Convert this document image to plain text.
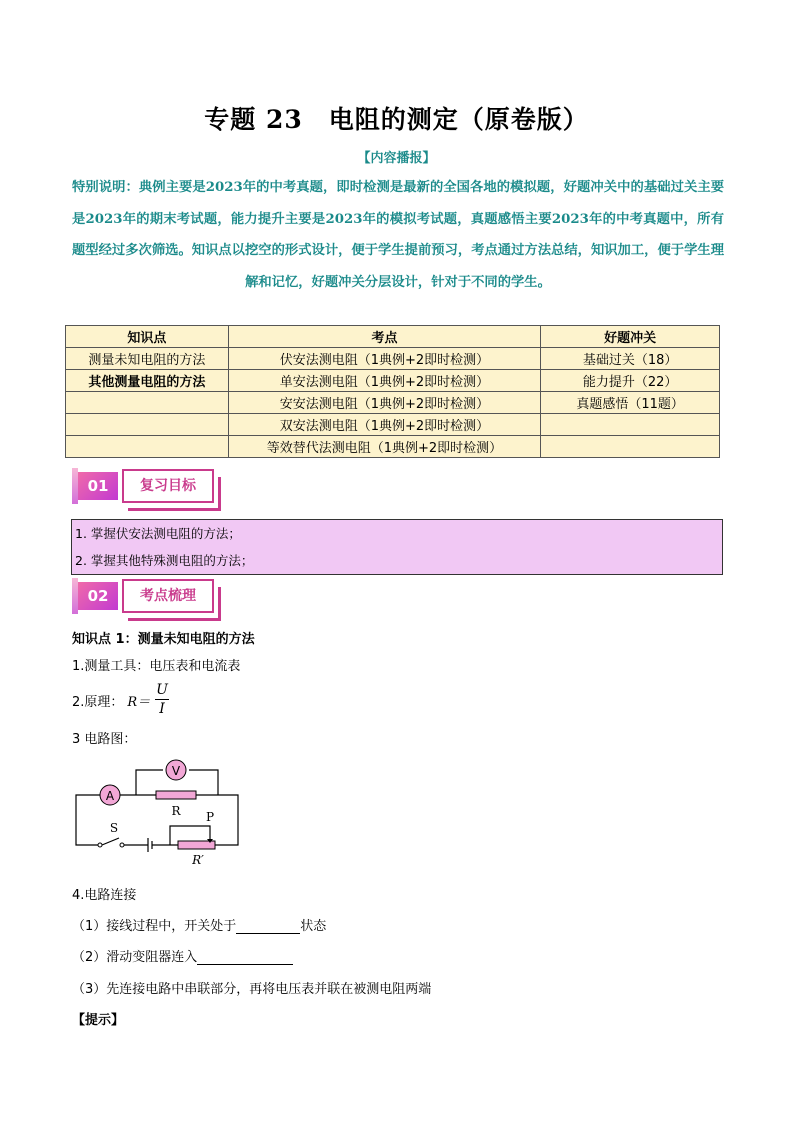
专题 23　电阻的测定（原卷版）
【内容播报】
特别说明：典例主要是2023年的中考真题，即时检测是最新的全国各地的模拟题，好题冲关中的基础过关主要是2023年的期末考试题，能力提升主要是2023年的模拟考试题，真题感悟主要2023年的中考真题中，所有题型经过多次筛选。知识点以挖空的形式设计，便于学生提前预习，考点通过方法总结，知识加工，便于学生理解和记忆，好题冲关分层设计，针对于不同的学生。
知识点	考点	好题冲关
测量未知电阻的方法	伏安法测电阻（1典例+2即时检测）	基础过关（18）
其他测量电阻的方法	单安法测电阻（1典例+2即时检测）	能力提升（22）
	安安法测电阻（1典例+2即时检测）	真题感悟（11题）
	双安法测电阻（1典例+2即时检测）	
	等效替代法测电阻（1典例+2即时检测）	
01	复习目标
1. 掌握伏安法测电阻的方法；
2. 掌握其他特殊测电阻的方法；
02	考点梳理
知识点 1：测量未知电阻的方法
1.测量工具：电压表和电流表
2.原理： $R= \frac{U}{I}$
3 电路图：
A
V
R
S
P
R′
4.电路连接
（1）接线过程中，开关处于	状态
（2）滑动变阻器连入
（3）先连接电路中串联部分，再将电压表并联在被测电阻两端
【提示】
